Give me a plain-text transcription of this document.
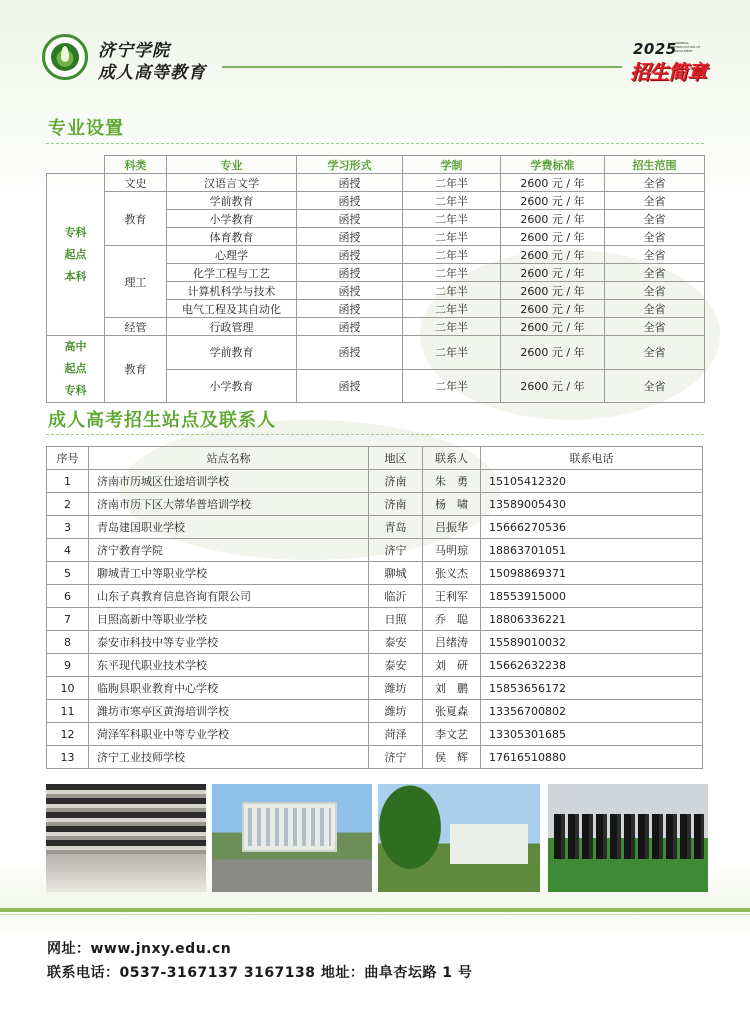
济宁学院
成人高等教育
2025
A GENERAL INTRODUCTION OF ENROLLMENT
招生简章
专业设置
	科类	专业	学习形式	学制	学费标准	招生范围
专科
起点
本科	文史	汉语言文学	函授	二年半	2600 元 / 年	全省
	教育	学前教育	函授	二年半	2600 元 / 年	全省
		小学教育	函授	二年半	2600 元 / 年	全省
		体育教育	函授	二年半	2600 元 / 年	全省
	理工	心理学	函授	二年半	2600 元 / 年	全省
		化学工程与工艺	函授	二年半	2600 元 / 年	全省
		计算机科学与技术	函授	二年半	2600 元 / 年	全省
		电气工程及其自动化	函授	二年半	2600 元 / 年	全省
	经管	行政管理	函授	二年半	2600 元 / 年	全省
高中
起点
专科	教育	学前教育	函授	二年半	2600 元 / 年	全省
		小学教育	函授	二年半	2600 元 / 年	全省
成人高考招生站点及联系人
序号	站点名称	地区	联系人	联系电话
1	济南市历城区仕途培训学校	济南	朱　勇	15105412320
2	济南市历下区大蒂华普培训学校	济南	杨　啸	13589005430
3	青岛建国职业学校	青岛	吕振华	15666270536
4	济宁教育学院	济宁	马明琼	18863701051
5	聊城青工中等职业学校	聊城	张义杰	15098869371
6	山东子真教育信息咨询有限公司	临沂	王利军	18553915000
7	日照高新中等职业学校	日照	乔　聪	18806336221
8	泰安市科技中等专业学校	泰安	吕绪涛	15589010032
9	东平现代职业技术学校	泰安	刘　研	15662632238
10	临朐县职业教育中心学校	潍坊	刘　鹏	15853656172
11	潍坊市寒亭区黄海培训学校	潍坊	张夏森	13356700802
12	菏泽军科职业中等专业学校	菏泽	李文艺	13305301685
13	济宁工业技师学校	济宁	侯　辉	17616510880
网址：www.jnxy.edu.cn
联系电话：0537-3167137 3167138 地址：曲阜杏坛路 1 号
